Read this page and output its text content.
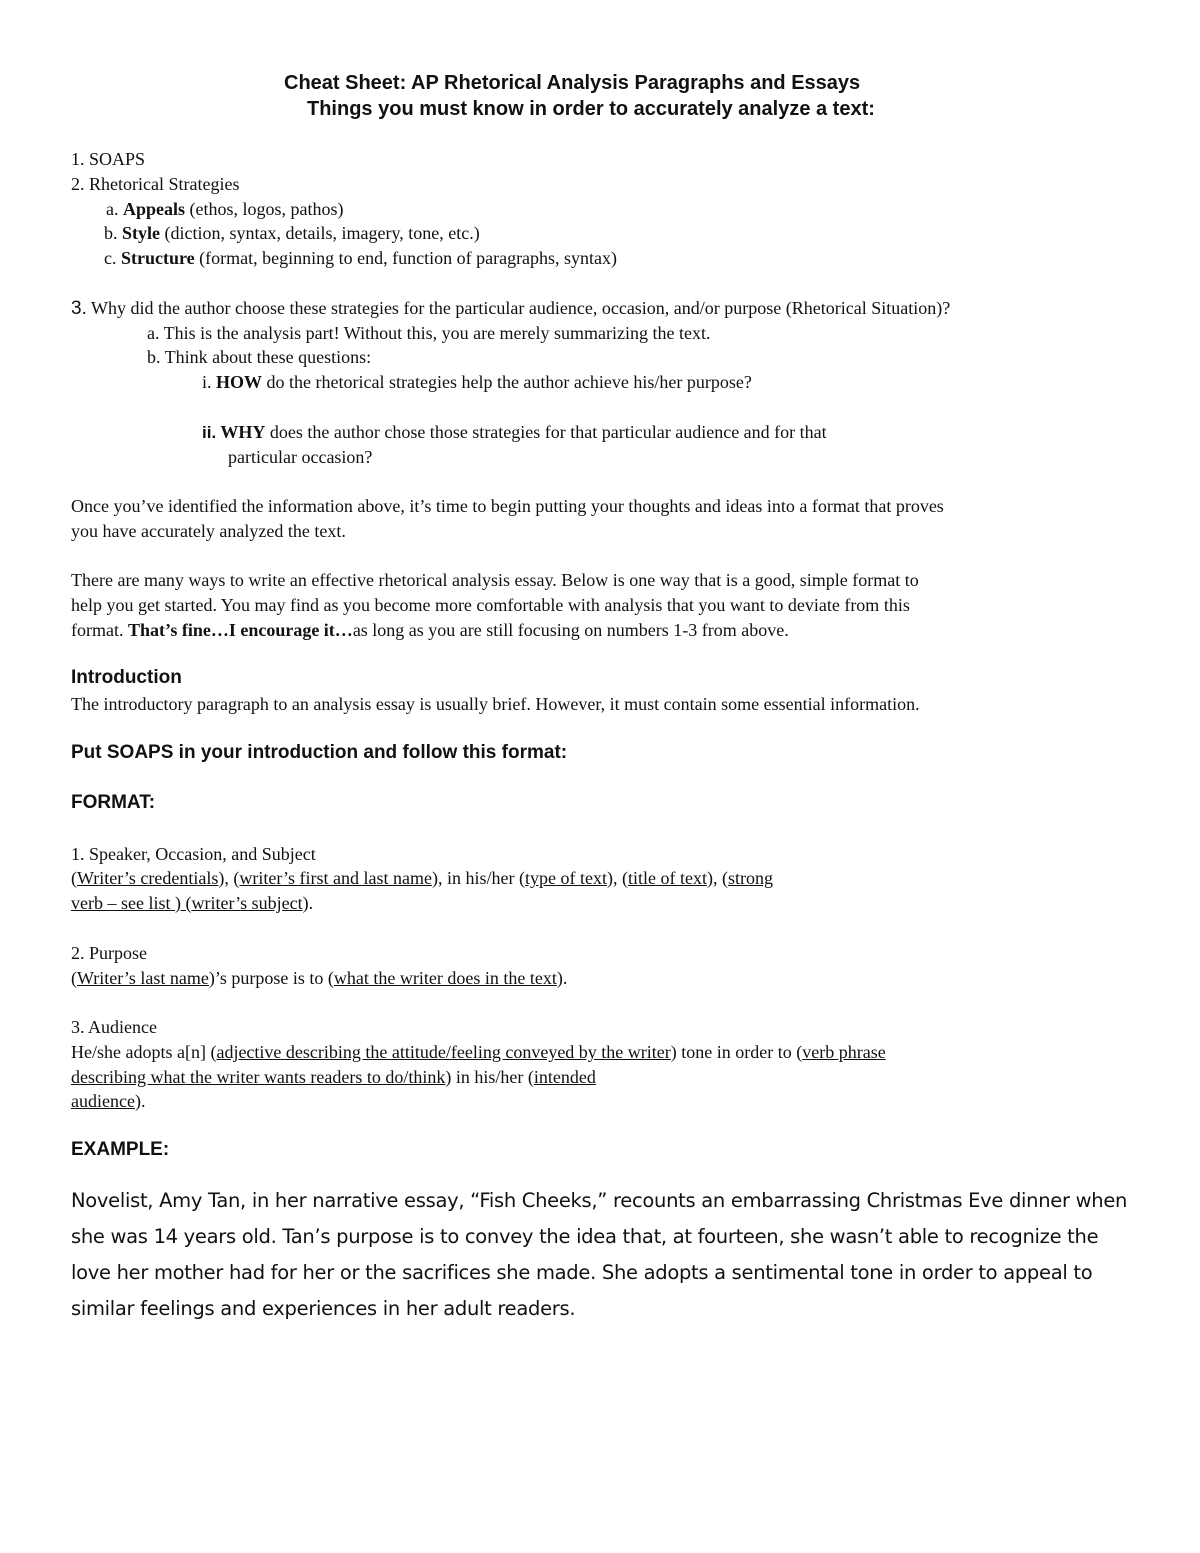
Cheat Sheet: AP Rhetorical Analysis Paragraphs and Essays
Things you must know in order to accurately analyze a text:
1. SOAPS
2. Rhetorical Strategies
a. Appeals (ethos, logos, pathos)
b. Style (diction, syntax, details, imagery, tone, etc.)
c. Structure (format, beginning to end, function of paragraphs, syntax)
3. Why did the author choose these strategies for the particular audience, occasion, and/or purpose (Rhetorical Situation)?
a. This is the analysis part! Without this, you are merely summarizing the text.
b. Think about these questions:
i. HOW do the rhetorical strategies help the author achieve his/her purpose?
ii. WHY does the author chose those strategies for that particular audience and for that
particular occasion?
Once you’ve identified the information above, it’s time to begin putting your thoughts and ideas into a format that proves
you have accurately analyzed the text.
There are many ways to write an effective rhetorical analysis essay. Below is one way that is a good, simple format to
help you get started. You may find as you become more comfortable with analysis that you want to deviate from this
format. That’s fine…I encourage it…as long as you are still focusing on numbers 1-3 from above.
Introduction
The introductory paragraph to an analysis essay is usually brief. However, it must contain some essential information.
Put SOAPS in your introduction and follow this format:
FORMAT:
1. Speaker, Occasion, and Subject
(Writer’s credentials), (writer’s first and last name), in his/her (type of text), (title of text), (strong
verb – see list ) (writer’s subject).
2. Purpose
(Writer’s last name)’s purpose is to (what the writer does in the text).
3. Audience
He/she adopts a[n] (adjective describing the attitude/feeling conveyed by the writer) tone in order to (verb phrase
describing what the writer wants readers to do/think) in his/her (intended
audience).
EXAMPLE:
Novelist, Amy Tan, in her narrative essay, “Fish Cheeks,” recounts an embarrassing Christmas Eve dinner when
she was 14 years old. Tan’s purpose is to convey the idea that, at fourteen, she wasn’t able to recognize the
love her mother had for her or the sacrifices she made. She adopts a sentimental tone in order to appeal to
similar feelings and experiences in her adult readers.
